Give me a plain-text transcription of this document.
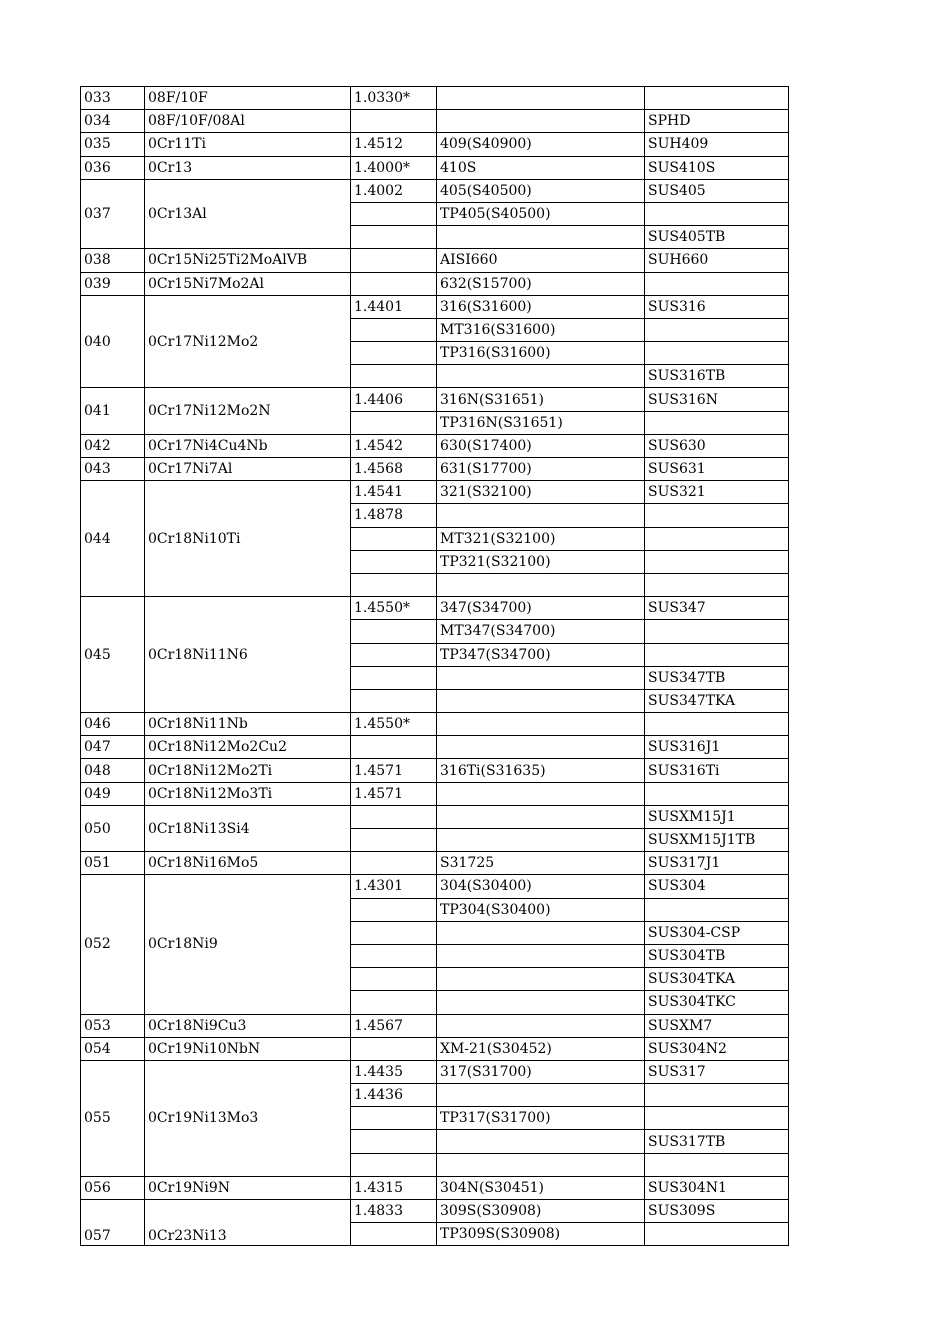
033	08F/10F	1.0330*		
034	08F/10F/08Al			SPHD
035	0Cr11Ti	1.4512	409(S40900)	SUH409
036	0Cr13	1.4000*	410S	SUS410S
037	0Cr13Al	1.4002	405(S40500)	SUS405
			TP405(S40500)	
				SUS405TB
038	0Cr15Ni25Ti2MoAlVB		AISI660	SUH660
039	0Cr15Ni7Mo2Al		632(S15700)	
040	0Cr17Ni12Mo2	1.4401	316(S31600)	SUS316
			MT316(S31600)	
			TP316(S31600)	
				SUS316TB
041	0Cr17Ni12Mo2N	1.4406	316N(S31651)	SUS316N
			TP316N(S31651)	
042	0Cr17Ni4Cu4Nb	1.4542	630(S17400)	SUS630
043	0Cr17Ni7Al	1.4568	631(S17700)	SUS631
044	0Cr18Ni10Ti	1.4541	321(S32100)	SUS321
		1.4878		
			MT321(S32100)	
			TP321(S32100)	

045	0Cr18Ni11N6	1.4550*	347(S34700)	SUS347
			MT347(S34700)	
			TP347(S34700)	
				SUS347TB
				SUS347TKA
046	0Cr18Ni11Nb	1.4550*		
047	0Cr18Ni12Mo2Cu2			SUS316J1
048	0Cr18Ni12Mo2Ti	1.4571	316Ti(S31635)	SUS316Ti
049	0Cr18Ni12Mo3Ti	1.4571		
050	0Cr18Ni13Si4			SUSXM15J1
				SUSXM15J1TB
051	0Cr18Ni16Mo5		S31725	SUS317J1
052	0Cr18Ni9	1.4301	304(S30400)	SUS304
			TP304(S30400)	
				SUS304-CSP
				SUS304TB
				SUS304TKA
				SUS304TKC
053	0Cr18Ni9Cu3	1.4567		SUSXM7
054	0Cr19Ni10NbN		XM-21(S30452)	SUS304N2
055	0Cr19Ni13Mo3	1.4435	317(S31700)	SUS317
		1.4436		
			TP317(S31700)	
				SUS317TB

056	0Cr19Ni9N	1.4315	304N(S30451)	SUS304N1
057	0Cr23Ni13	1.4833	309S(S30908)	SUS309S
			TP309S(S30908)	
